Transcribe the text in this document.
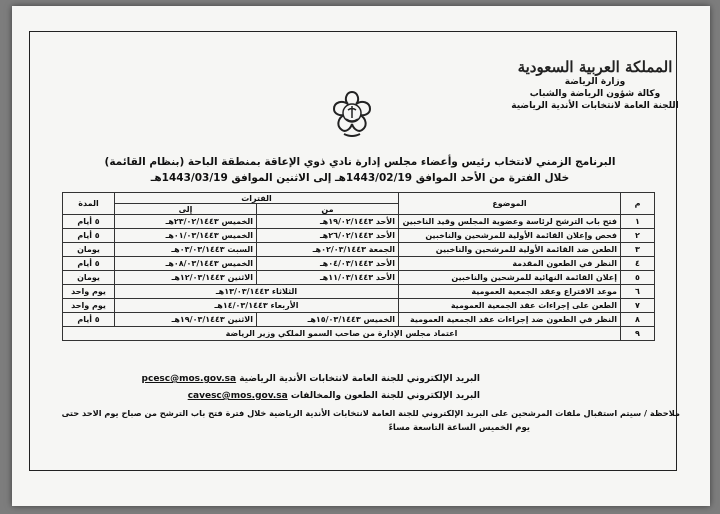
المملكة العربية السعودية
وزارة الرياضة
وكالة شؤون الرياضة والشباب
اللجنة العامة لانتخابات الأندية الرياضية
البرنامج الزمني لانتخاب رئيس وأعضاء مجلس إدارة نادي ذوي الإعاقة بمنطقة الباحة (بنظام القائمة)
خلال الفترة من الأحد الموافق 1443/02/19هـ إلى الاثنين الموافق 1443/03/19هـ
م	الموضوع	الفترات		المدة
		من	إلى	
١	فتح باب الترشح لرئاسة وعضوية المجلس وقيد الناخبين	الأحد ١٩/٠٢/١٤٤٣هـ	الخميس ٢٣/٠٢/١٤٤٣هـ	٥ أيام
٢	فحص وإعلان القائمة الأولية للمرشحين والناخبين	الأحد ٢٦/٠٢/١٤٤٣هـ	الخميس ٠١/٠٣/١٤٤٣هـ	٥ أيام
٣	الطعن ضد القائمة الأولية للمرشحين والناخبين	الجمعة ٠٢/٠٣/١٤٤٣هـ	السبت ٠٣/٠٣/١٤٤٣هـ	يومان
٤	النظر في الطعون المقدمة	الأحد ٠٤/٠٣/١٤٤٣هـ	الخميس ٠٨/٠٣/١٤٤٣هـ	٥ أيام
٥	إعلان القائمة النهائية للمرشحين والناخبين	الأحد ١١/٠٣/١٤٤٣هـ	الاثنين ١٢/٠٣/١٤٤٣هـ	يومان
٦	موعد الاقتراع وعقد الجمعية العمومية	الثلاثاء ١٣/٠٣/١٤٤٣هـ		يوم واحد
٧	الطعن على إجراءات عقد الجمعية العمومية	الأربعاء ١٤/٠٣/١٤٤٣هـ		يوم واحد
٨	النظر في الطعون ضد إجراءات عقد الجمعية العمومية	الخميس ١٥/٠٣/١٤٤٣هـ	الاثنين ١٩/٠٣/١٤٤٣هـ	٥ أيام
٩	اعتماد مجلس الإدارة من صاحب السمو الملكي وزير الرياضة			
البريد الإلكتروني للجنة العامة لانتخابات الأندية الرياضية pcesc@mos.gov.sa
البريد الإلكتروني للجنة الطعون والمخالفات cavesc@mos.gov.sa
ملاحظة / سيتم استقبال ملفات المرشحين على البريد الإلكتروني للجنة العامة لانتخابات الأندية الرياضية خلال فترة فتح باب الترشح من صباح يوم الاحد حتى
يوم الخميس الساعة التاسعة مساءً
